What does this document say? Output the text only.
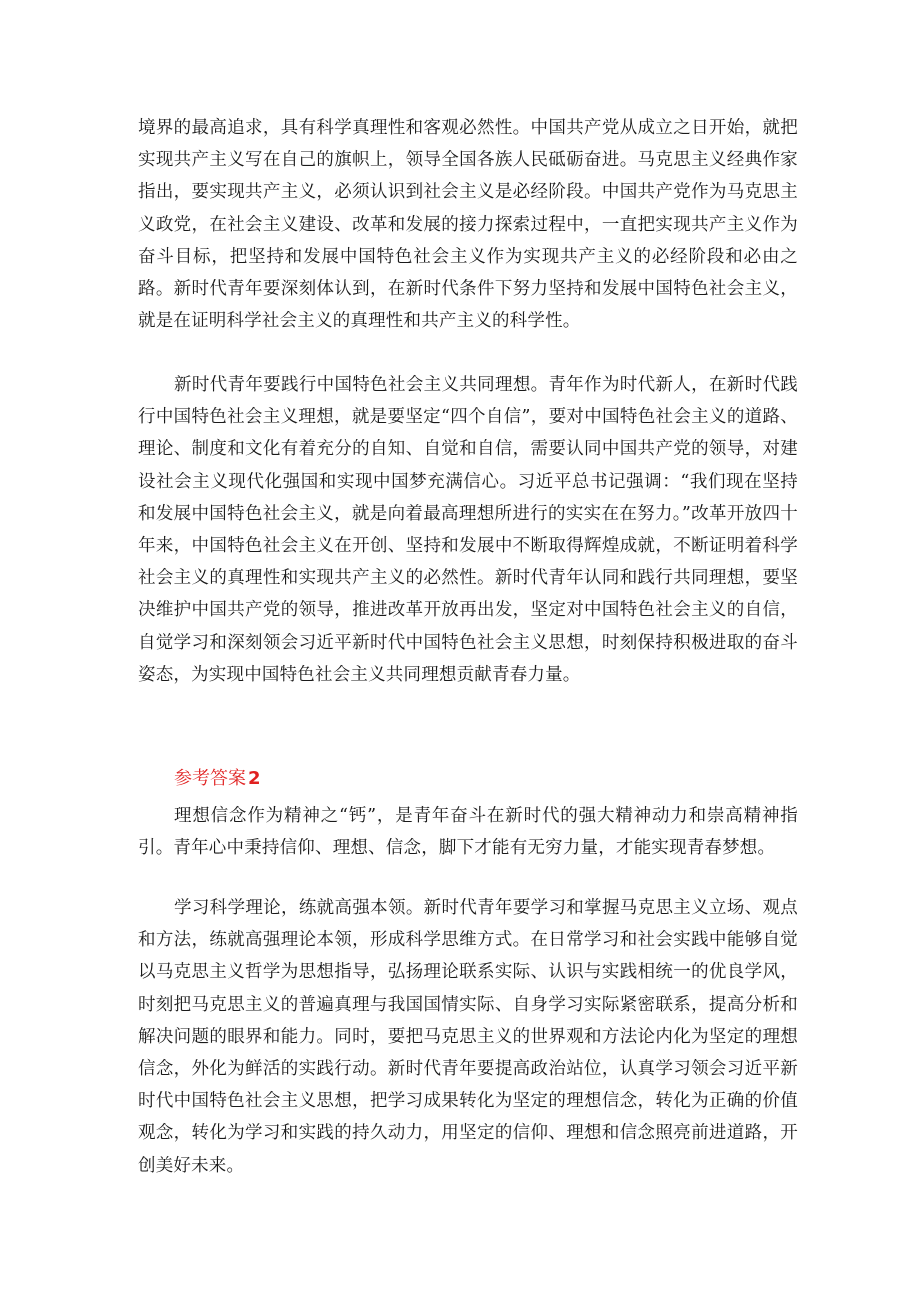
境界的最高追求，具有科学真理性和客观必然性。中国共产党从成立之日开始，就把实现共产主义写在自己的旗帜上，领导全国各族人民砥砺奋进。马克思主义经典作家指出，要实现共产主义，必须认识到社会主义是必经阶段。中国共产党作为马克思主义政党，在社会主义建设、改革和发展的接力探索过程中，一直把实现共产主义作为奋斗目标，把坚持和发展中国特色社会主义作为实现共产主义的必经阶段和必由之路。新时代青年要深刻体认到，在新时代条件下努力坚持和发展中国特色社会主义，就是在证明科学社会主义的真理性和共产主义的科学性。

新时代青年要践行中国特色社会主义共同理想。青年作为时代新人，在新时代践行中国特色社会主义理想，就是要坚定“四个自信”，要对中国特色社会主义的道路、理论、制度和文化有着充分的自知、自觉和自信，需要认同中国共产党的领导，对建设社会主义现代化强国和实现中国梦充满信心。习近平总书记强调：“我们现在坚持和发展中国特色社会主义，就是向着最高理想所进行的实实在在努力。”改革开放四十年来，中国特色社会主义在开创、坚持和发展中不断取得辉煌成就，不断证明着科学社会主义的真理性和实现共产主义的必然性。新时代青年认同和践行共同理想，要坚决维护中国共产党的领导，推进改革开放再出发，坚定对中国特色社会主义的自信，自觉学习和深刻领会习近平新时代中国特色社会主义思想，时刻保持积极进取的奋斗姿态，为实现中国特色社会主义共同理想贡献青春力量。

参考答案 2

理想信念作为精神之“钙”，是青年奋斗在新时代的强大精神动力和崇高精神指引。青年心中秉持信仰、理想、信念，脚下才能有无穷力量，才能实现青春梦想。

学习科学理论，练就高强本领。新时代青年要学习和掌握马克思主义立场、观点和方法，练就高强理论本领，形成科学思维方式。在日常学习和社会实践中能够自觉以马克思主义哲学为思想指导，弘扬理论联系实际、认识与实践相统一的优良学风，时刻把马克思主义的普遍真理与我国国情实际、自身学习实际紧密联系，提高分析和解决问题的眼界和能力。同时，要把马克思主义的世界观和方法论内化为坚定的理想信念，外化为鲜活的实践行动。新时代青年要提高政治站位，认真学习领会习近平新时代中国特色社会主义思想，把学习成果转化为坚定的理想信念，转化为正确的价值观念，转化为学习和实践的持久动力，用坚定的信仰、理想和信念照亮前进道路，开创美好未来。
